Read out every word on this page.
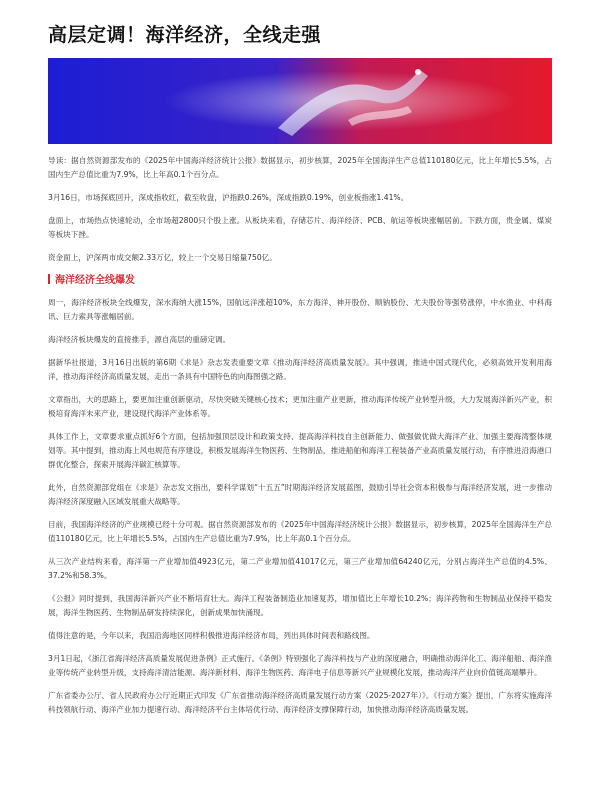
高层定调！海洋经济，全线走强

导读：据自然资源部发布的《2025年中国海洋经济统计公报》数据显示，初步核算，2025年全国海洋生产总值110180亿元，比上年增长5.5%，占国内生产总值比重为7.9%，比上年高0.1个百分点。

3月16日，市场探底回升，深成指收红，截至收盘，沪指跌0.26%，深成指跌0.19%，创业板指涨1.41%。

盘面上，市场热点快速轮动，全市场超2800只个股上涨。从板块来看，存储芯片、海洋经济、PCB、航运等板块涨幅居前。下跌方面，贵金属、煤炭等板块下挫。

资金面上，沪深两市成交额2.33万亿，较上一个交易日缩量750亿。

海洋经济全线爆发

周一，海洋经济板块全线爆发，深水海纳大涨15%，国航远洋涨超10%，东方海洋、神开股份、顺钠股份、尤夫股份等强势涨停，中水渔业、中科海讯、巨力索具等涨幅居前。

海洋经济板块爆发的直接推手，源自高层的重磅定调。

据新华社报道，3月16日出版的第6期《求是》杂志发表重要文章《推动海洋经济高质量发展》。其中强调，推进中国式现代化，必须高效开发利用海洋，推动海洋经济高质量发展，走出一条具有中国特色的向海图强之路。

文章指出，大的思路上，要更加注重创新驱动，尽快突破关键核心技术；更加注重产业更新，推动海洋传统产业转型升级，大力发展海洋新兴产业，积极培育海洋未来产业，建设现代海洋产业体系等。

具体工作上，文章要求重点抓好6个方面，包括加强顶层设计和政策支持、提高海洋科技自主创新能力、做强做优做大海洋产业、加强主要海湾整体规划等。其中提到，推动海上风电规范有序建设，积极发展海洋生物医药、生物制品，推进船舶和海洋工程装备产业高质量发展行动，有序推进沿海港口群优化整合，探索开展海洋碳汇核算等。

此外，自然资源部党组在《求是》杂志发文指出，要科学谋划“十五五”时期海洋经济发展蓝图，鼓励引导社会资本积极参与海洋经济发展，进一步推动海洋经济深度融入区域发展重大战略等。

目前，我国海洋经济的产业规模已经十分可观。据自然资源部发布的《2025年中国海洋经济统计公报》数据显示，初步核算，2025年全国海洋生产总值110180亿元，比上年增长5.5%，占国内生产总值比重为7.9%，比上年高0.1个百分点。

从三次产业结构来看，海洋第一产业增加值4923亿元，第二产业增加值41017亿元，第三产业增加值64240亿元，分别占海洋生产总值的4.5%、37.2%和58.3%。

《公报》同时提到，我国海洋新兴产业不断培育壮大。海洋工程装备制造业加速复苏，增加值比上年增长10.2%；海洋药物和生物制品业保持平稳发展，海洋生物医药、生物制品研发持续深化，创新成果加快涌现。

值得注意的是，今年以来，我国沿海地区同样积极推进海洋经济布局，列出具体时间表和路线图。

3月1日起，《浙江省海洋经济高质量发展促进条例》正式施行。《条例》特别强化了海洋科技与产业的深度融合，明确推动海洋化工、海洋船舶、海洋渔业等传统产业转型升级，支持海洋清洁能源、海洋新材料、海洋生物医药、海洋电子信息等新兴产业规模化发展，推动海洋产业向价值链高端攀升。

广东省委办公厅、省人民政府办公厅近期正式印发《广东省推动海洋经济高质量发展行动方案（2025-2027年）》。《行动方案》提出，广东将实施海洋科技领航行动、海洋产业加力提速行动、海洋经济平台主体培优行动、海洋经济支撑保障行动，加快推动海洋经济高质量发展。
